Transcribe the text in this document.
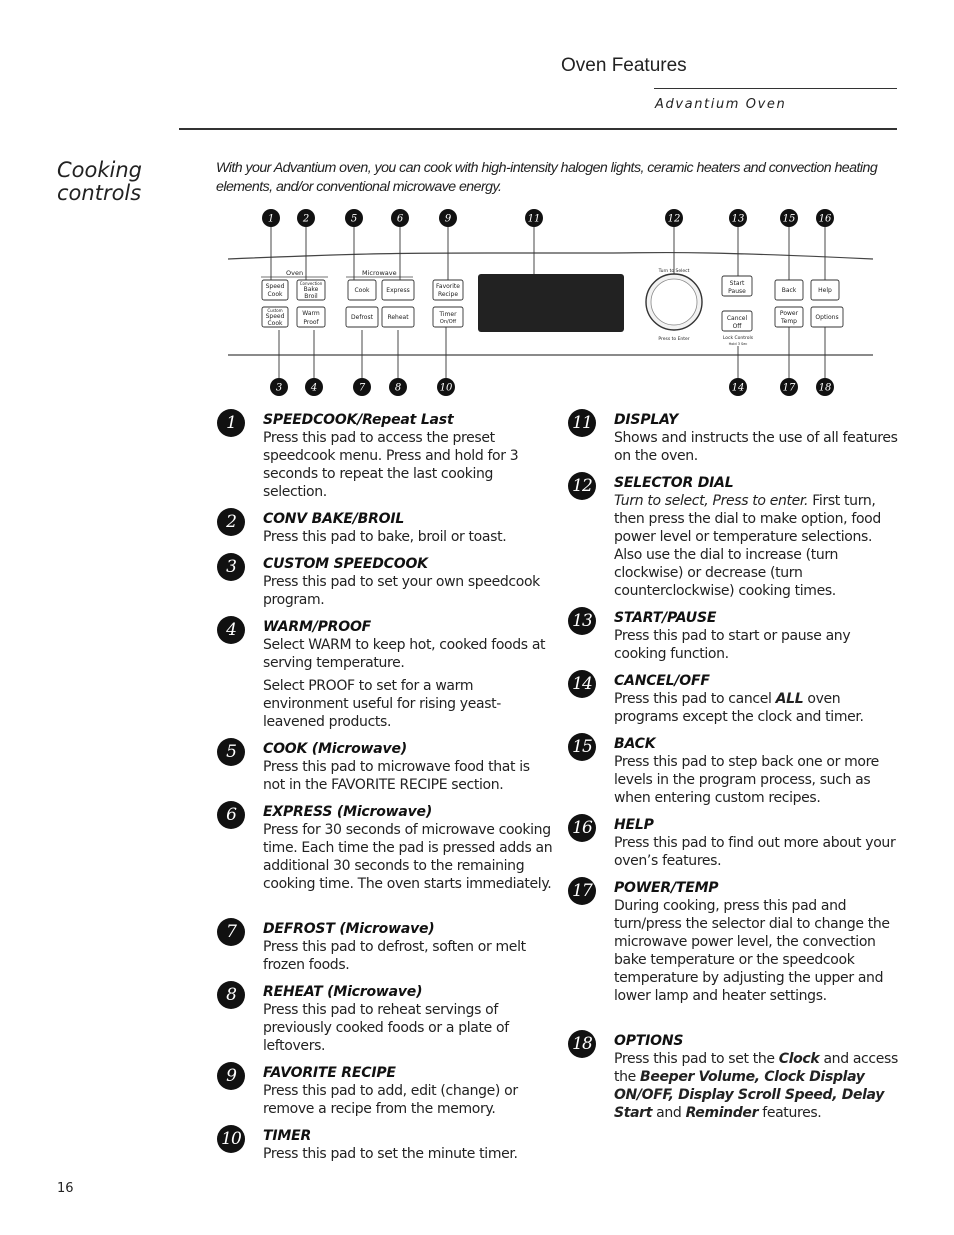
Oven Features
Advantium Oven
Cooking
controls
With your Advantium oven, you can cook with high-intensity halogen lights, ceramic heaters and convection heating elements, and/or conventional microwave energy.
Oven	Microwave
Speed
Cook
Convection
Bake
Broil
Custom
Speed
Cook
Warm
Proof
Cook	Express
Defrost Reheat
Favorite
Recipe
Timer
On/Off
Start
Pause
Cancel
Off
Lock Controls
Hold 3 Sec
Back	Help
Power
Temp
Options
Turn to Select
Press to Enter
1	2	5	6	9	11	12	13	15 16
3	4	7	8	10	14	17 18
1	SPEEDCOOK/Repeat Last
Press this pad to access the preset speedcook menu. Press and hold for 3 seconds to repeat the last cooking selection.
2	CONV BAKE/BROIL
Press this pad to bake, broil or toast.
3	CUSTOM SPEEDCOOK
Press this pad to set your own speedcook program.
4	WARM/PROOF
Select WARM to keep hot, cooked foods at serving temperature.
Select PROOF to set for a warm environment useful for rising yeast-leavened products.
5	COOK (Microwave)
Press this pad to microwave food that is not in the FAVORITE RECIPE section.
6	EXPRESS (Microwave)
Press for 30 seconds of microwave cooking time. Each time the pad is pressed adds an additional 30 seconds to the remaining cooking time. The oven starts immediately.
7	DEFROST (Microwave)
Press this pad to defrost, soften or melt frozen foods.
8	REHEAT (Microwave)
Press this pad to reheat servings of previously cooked foods or a plate of leftovers.
9	FAVORITE RECIPE
Press this pad to add, edit (change) or remove a recipe from the memory.
10 TIMER
Press this pad to set the minute timer.
11 DISPLAY
Shows and instructs the use of all features on the oven.
12 SELECTOR DIAL
Turn to select, Press to enter. First turn, then press the dial to make option, food power level or temperature selections. Also use the dial to increase (turn clockwise) or decrease (turn counterclockwise) cooking times.
13 START/PAUSE
Press this pad to start or pause any cooking function.
14 CANCEL/OFF
Press this pad to cancel ALL oven programs except the clock and timer.
15 BACK
Press this pad to step back one or more levels in the program process, such as when entering custom recipes.
16 HELP
Press this pad to find out more about your oven’s features.
17 POWER/TEMP
During cooking, press this pad and turn/press the selector dial to change the microwave power level, the convection bake temperature or the speedcook temperature by adjusting the upper and lower lamp and heater settings.
18 OPTIONS
Press this pad to set the Clock and access the Beeper Volume, Clock Display ON/OFF, Display Scroll Speed, Delay Start and Reminder features.
16
